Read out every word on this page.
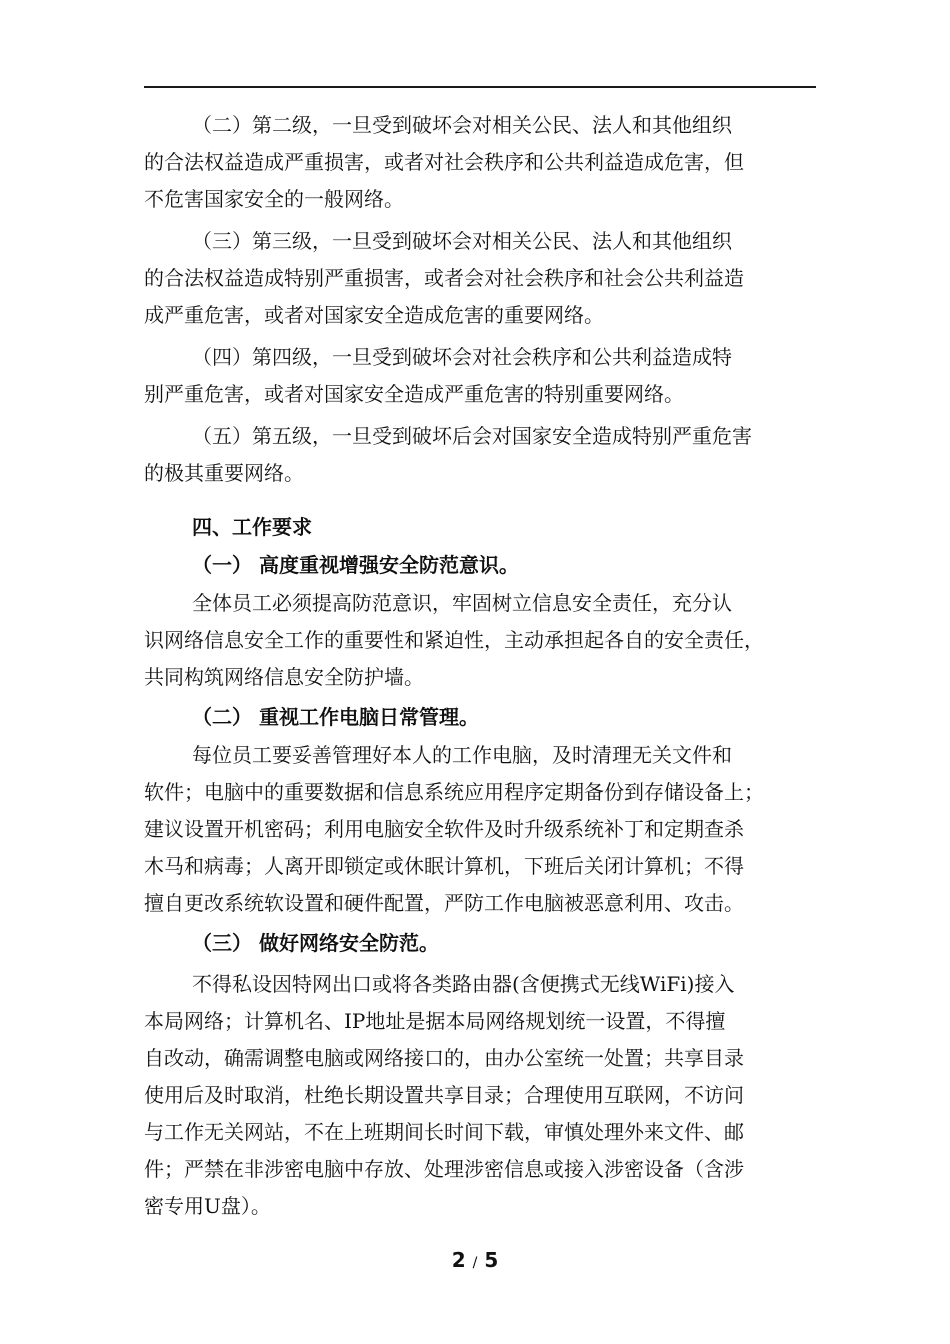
（二）第二级，一旦受到破坏会对相关公民、法人和其他组织
的合法权益造成严重损害，或者对社会秩序和公共利益造成危害，但
不危害国家安全的一般网络。
（三）第三级，一旦受到破坏会对相关公民、法人和其他组织
的合法权益造成特别严重损害，或者会对社会秩序和社会公共利益造
成严重危害，或者对国家安全造成危害的重要网络。
（四）第四级，一旦受到破坏会对社会秩序和公共利益造成特
别严重危害，或者对国家安全造成严重危害的特别重要网络。
（五）第五级，一旦受到破坏后会对国家安全造成特别严重危害
的极其重要网络。
四、工作要求
（一） 高度重视增强安全防范意识。
全体员工必须提高防范意识，牢固树立信息安全责任，充分认
识网络信息安全工作的重要性和紧迫性，主动承担起各自的安全责任，
共同构筑网络信息安全防护墙。
（二） 重视工作电脑日常管理。
每位员工要妥善管理好本人的工作电脑，及时清理无关文件和
软件；电脑中的重要数据和信息系统应用程序定期备份到存储设备上；
建议设置开机密码；利用电脑安全软件及时升级系统补丁和定期查杀
木马和病毒；人离开即锁定或休眠计算机，下班后关闭计算机；不得
擅自更改系统软设置和硬件配置，严防工作电脑被恶意利用、攻击。
（三） 做好网络安全防范。
不得私设因特网出口或将各类路由器(含便携式无线WiFi)接入
本局网络；计算机名、IP地址是据本局网络规划统一设置，不得擅
自改动，确需调整电脑或网络接口的，由办公室统一处置；共享目录
使用后及时取消，杜绝长期设置共享目录；合理使用互联网，不访问
与工作无关网站，不在上班期间长时间下载，审慎处理外来文件、邮
件；严禁在非涉密电脑中存放、处理涉密信息或接入涉密设备（含涉
密专用U盘）。
2 / 5
